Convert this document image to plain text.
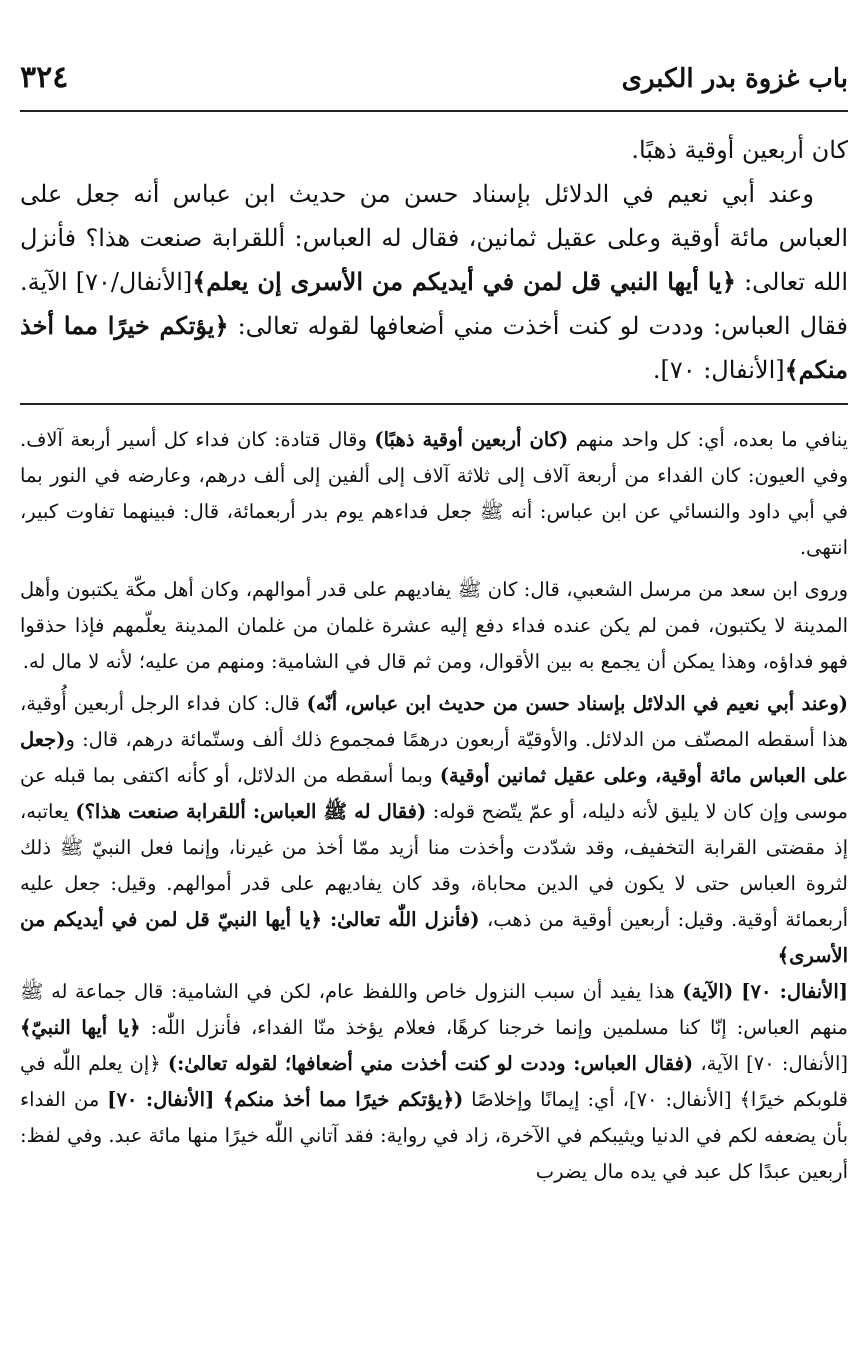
باب غزوة بدر الكبرى
٣٢٤

كان أربعين أوقية ذهبًا.

وعند أبي نعيم في الدلائل بإسناد حسن من حديث ابن عباس أنه جعل على العباس مائة أوقية وعلى عقيل ثمانين، فقال له العباس: أللقرابة صنعت هذا؟ فأنزل الله تعالى: ﴿يا أيها النبي قل لمن في أيديكم من الأسرى إن يعلم﴾[الأنفال/٧٠] الآية. فقال العباس: وددت لو كنت أخذت مني أضعافها لقوله تعالى: ﴿يؤتكم خيرًا مما أخذ منكم﴾[الأنفال: ٧٠].

ينافي ما بعده، أي: كل واحد منهم (كان أربعين أوقية ذهبًا) وقال قتادة: كان فداء كل أسير أربعة آلاف. وفي العيون: كان الفداء من أربعة آلاف إلى ثلاثة آلاف إلى ألفين إلى ألف درهم، وعارضه في النور بما في أبي داود والنسائي عن ابن عباس: أنه ﷺ جعل فداءهم يوم بدر أربعمائة، قال: فبينهما تفاوت كبير، انتهى.

وروى ابن سعد من مرسل الشعبي، قال: كان ﷺ يفاديهم على قدر أموالهم، وكان أهل مكّة يكتبون وأهل المدينة لا يكتبون، فمن لم يكن عنده فداء دفع إليه عشرة غلمان من غلمان المدينة يعلّمهم فإذا حذقوا فهو فداؤه، وهذا يمكن أن يجمع به بين الأقوال، ومن ثم قال في الشامية: ومنهم من عليه؛ لأنه لا مال له.

(وعند أبي نعيم في الدلائل بإسناد حسن من حديث ابن عباس، أنّه) قال: كان فداء الرجل أربعين أُوقية، هذا أسقطه المصنّف من الدلائل. والأوقيّة أربعون درهمًا فمجموع ذلك ألف وستّمائة درهم، قال: و(جعل على العباس مائة أوقية، وعلى عقيل ثمانين أوقية) وبما أسقطه من الدلائل، أو كأنه اكتفى بما قبله عن موسى وإن كان لا يليق لأنه دليله، أو عمّ يتّضح قوله: (فقال له ﷺ العباس: أللقرابة صنعت هذا؟) يعاتبه، إذ مقضتى القرابة التخفيف، وقد شدّدت وأخذت منا أزيد ممّا أخذ من غيرنا، وإنما فعل النبيّ ﷺ ذلك لثروة العباس حتى لا يكون في الدين محاباة، وقد كان يفاديهم على قدر أموالهم. وقيل: جعل عليه أربعمائة أوقية. وقيل: أربعين أوقية من ذهب، (فأنزل اللّٰه تعالىٰ: ﴿يا أيها النبيّ قل لمن في أيديكم من الأسرى﴾

[الأنفال: ٧٠] (الآية) هذا يفيد أن سبب النزول خاص واللفظ عام، لكن في الشامية: قال جماعة له ﷺ منهم العباس: إنّا كنا مسلمين وإنما خرجنا كرهًا، فعلام يؤخذ منّا الفداء، فأنزل اللّٰه: ﴿يا أيها النبيّ﴾ [الأنفال: ٧٠] الآية، (فقال العباس: وددت لو كنت أخذت مني أضعافها؛ لقوله تعالىٰ:) ﴿إن يعلم اللّٰه في قلوبكم خيرًا﴾ [الأنفال: ٧٠]، أي: إيمانًا وإخلاصًا (﴿يؤتكم خيرًا مما أخذ منكم﴾ [الأنفال: ٧٠] من الفداء بأن يضعفه لكم في الدنيا ويثيبكم في الآخرة، زاد في رواية: فقد آتاني اللّٰه خيرًا منها مائة عبد. وفي لفظ: أربعين عبدًا كل عبد في يده مال يضرب
